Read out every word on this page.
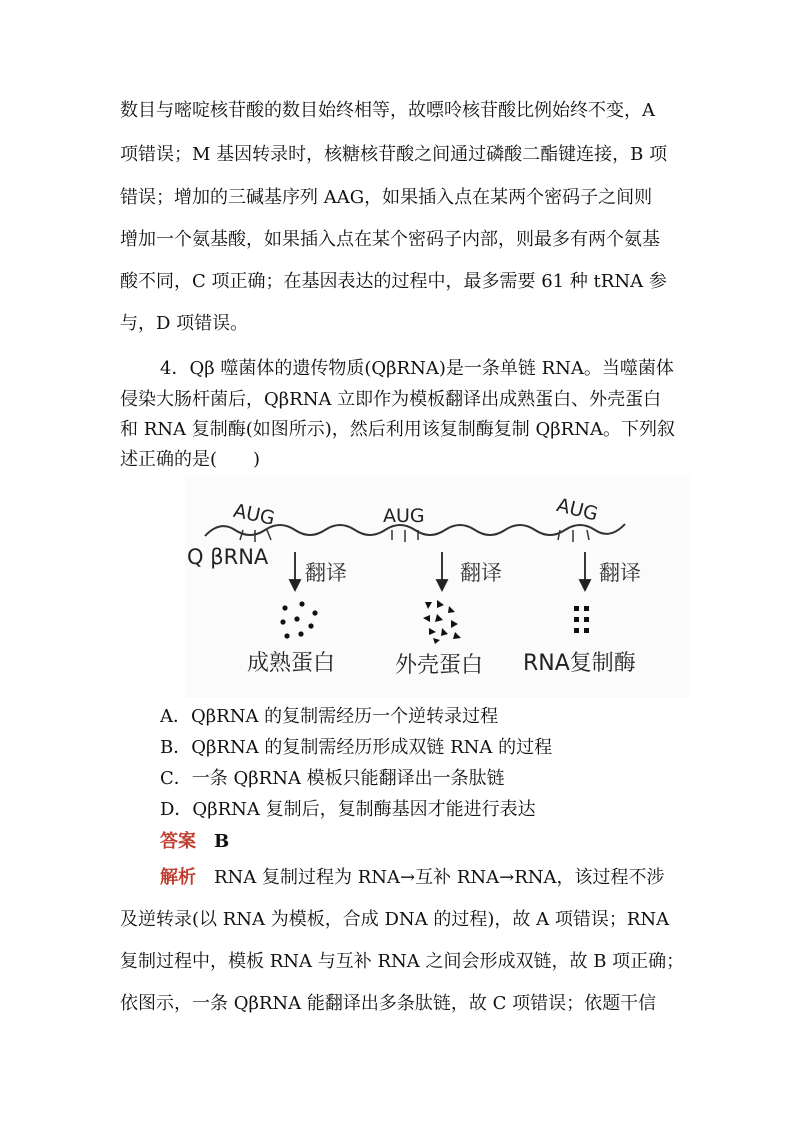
数目与嘧啶核苷酸的数目始终相等，故嘌呤核苷酸比例始终不变，A
项错误；M 基因转录时，核糖核苷酸之间通过磷酸二酯键连接，B 项
错误；增加的三碱基序列 AAG，如果插入点在某两个密码子之间则
增加一个氨基酸，如果插入点在某个密码子内部，则最多有两个氨基
酸不同，C 项正确；在基因表达的过程中，最多需要 61 种 tRNA 参
与，D 项错误。
4．Qβ 噬菌体的遗传物质(QβRNA)是一条单链 RNA。当噬菌体
侵染大肠杆菌后，QβRNA 立即作为模板翻译出成熟蛋白、外壳蛋白
和 RNA 复制酶(如图所示)，然后利用该复制酶复制 QβRNA。下列叙
述正确的是(　　)
AUG	AUG	AUG
Q βRNA
翻译	翻译	翻译
成熟蛋白	外壳蛋白 RNA复制酶
A．QβRNA 的复制需经历一个逆转录过程
B．QβRNA 的复制需经历形成双链 RNA 的过程
C．一条 QβRNA 模板只能翻译出一条肽链
D．QβRNA 复制后，复制酶基因才能进行表达
答案　 B
解析　 RNA 复制过程为 RNA→互补 RNA→RNA，该过程不涉
及逆转录(以 RNA 为模板，合成 DNA 的过程)，故 A 项错误；RNA
复制过程中，模板 RNA 与互补 RNA 之间会形成双链，故 B 项正确；
依图示，一条 QβRNA 能翻译出多条肽链，故 C 项错误；依题干信
